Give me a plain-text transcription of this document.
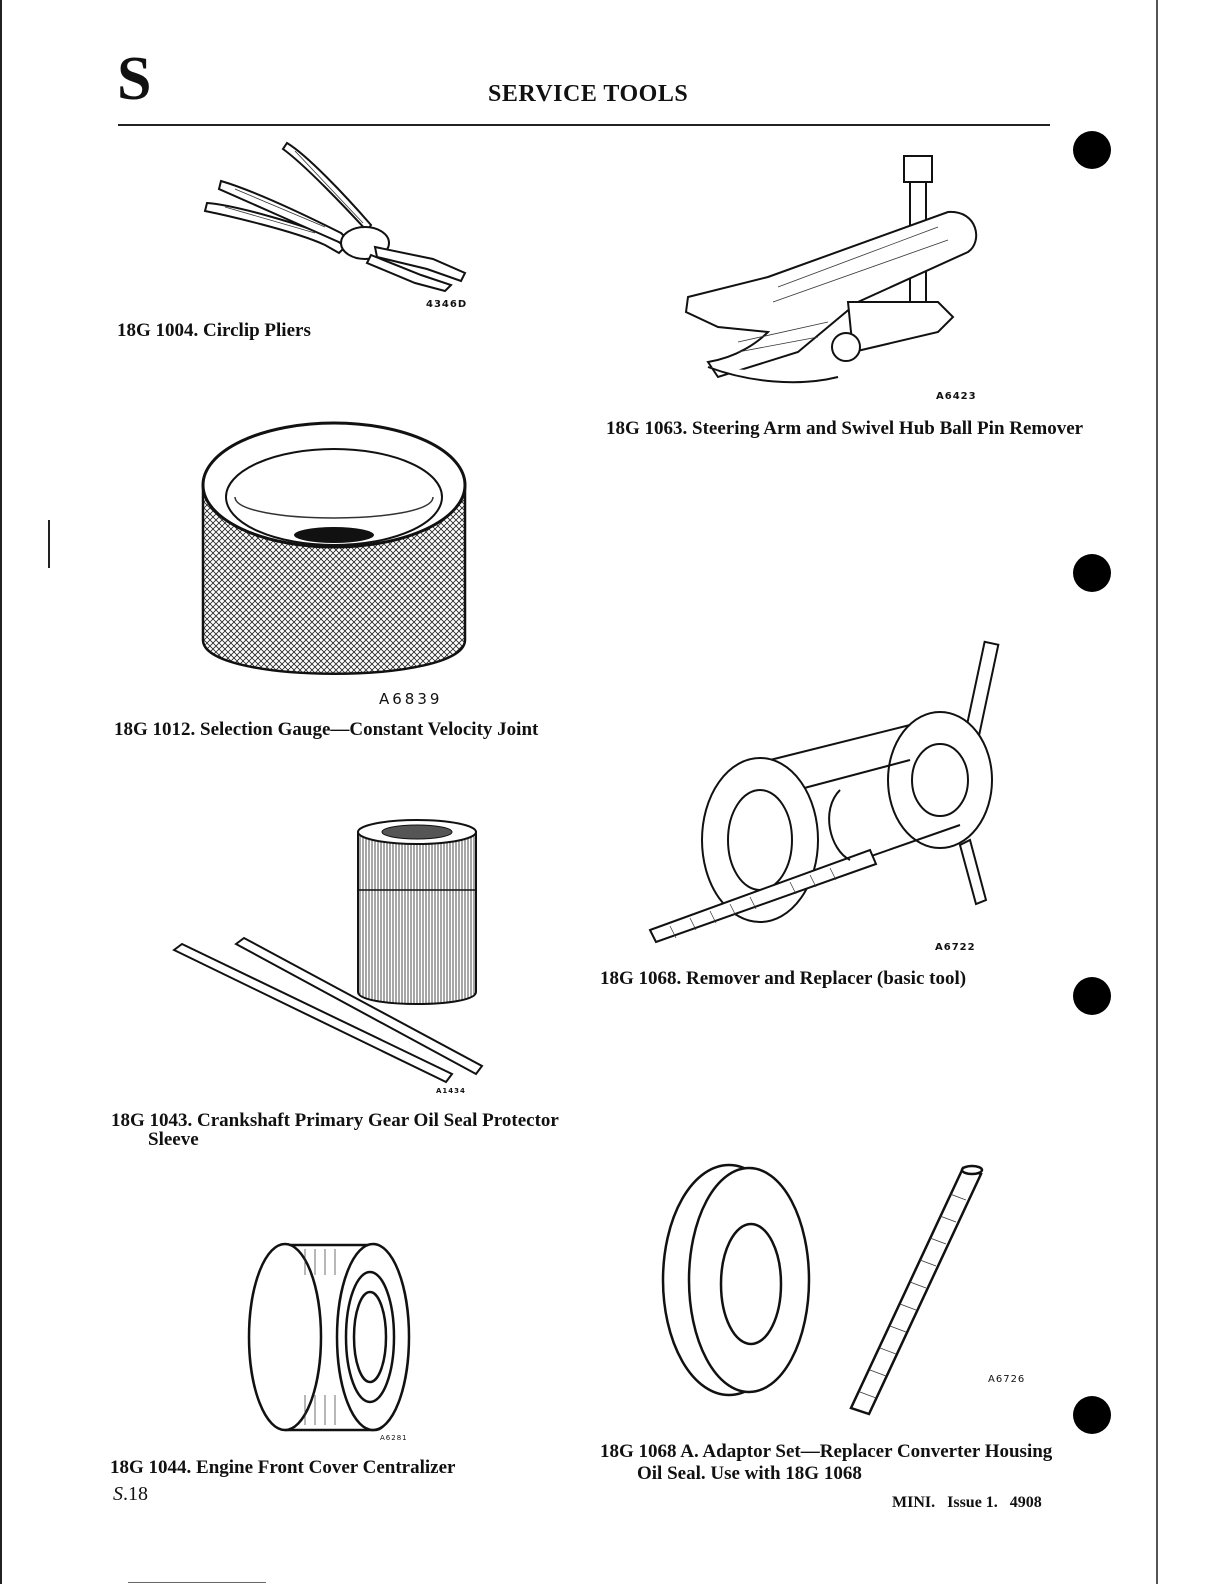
S	SERVICE TOOLS
4346D
18G 1004. Circlip Pliers
A6423
18G 1063. Steering Arm and Swivel Hub Ball Pin Remover
A6839
18G 1012. Selection Gauge—Constant Velocity Joint
A6722
18G 1068. Remover and Replacer (basic tool)
A1434
18G 1043. Crankshaft Primary Gear Oil Seal Protector
Sleeve
A6726
18G 1068 A. Adaptor Set—Replacer Converter Housing
Oil Seal. Use with 18G 1068
A6281
18G 1044. Engine Front Cover Centralizer
S.18	MINI.   Issue 1.   4908
